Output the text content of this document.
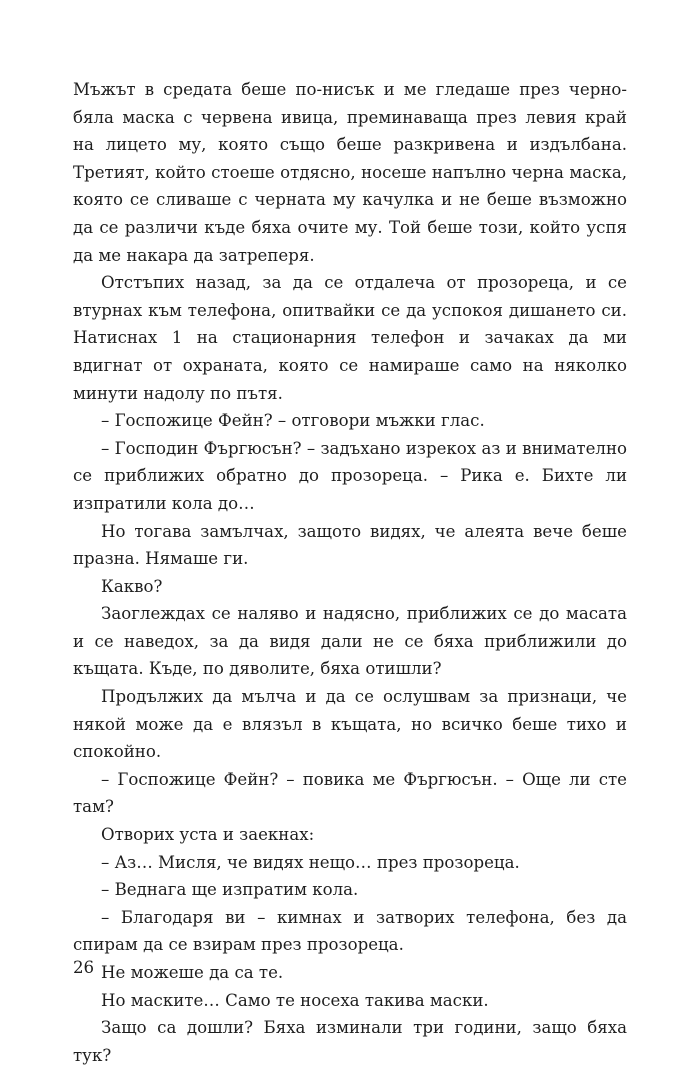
Мъжът в средата беше по-нисък и ме гледаше през черно-бяла маска с червена ивица, преминаваща през левия край на лицето му, която също беше разкривена и издълбана. Третият, който стоеше отдясно, носеше напълно черна маска, която се сливаше с черната му качулка и не беше възможно да се различи къде бяха очите му. Той беше този, който успя да ме накара да затреперя.

Отстъпих назад, за да се отдалеча от прозореца, и се втурнах към телефона, опитвайки се да успокоя дишането си. Натиснах 1 на стационарния телефон и зачаках да ми вдигнат от охраната, която се намираше само на няколко минути надолу по пътя.

– Госпожице Фейн? – отговори мъжки глас.

– Господин Фъргюсън? – задъхано изрекох аз и внимателно се приближих обратно до прозореца. – Рика е. Бихте ли изпратили кола до…

Но тогава замълчах, защото видях, че алеята вече беше празна. Нямаше ги.

Какво?

Заоглеждах се наляво и надясно, приближих се до масата и се наведох, за да видя дали не се бяха приближили до къщата. Къде, по дяволите, бяха отишли?

Продължих да мълча и да се ослушвам за признаци, че някой може да е влязъл в къщата, но всичко беше тихо и спокойно.

– Госпожице Фейн? – повика ме Фъргюсън. – Още ли сте там?

Отворих уста и заекнах:

– Аз… Мисля, че видях нещо… през прозореца.

– Веднага ще изпратим кола.

– Благодаря ви – кимнах и затворих телефона, без да спирам да се взирам през прозореца.

Не можеше да са те.

Но маските… Само те носеха такива маски.

Защо са дошли? Бяха изминали три години, защо бяха тук?

26
